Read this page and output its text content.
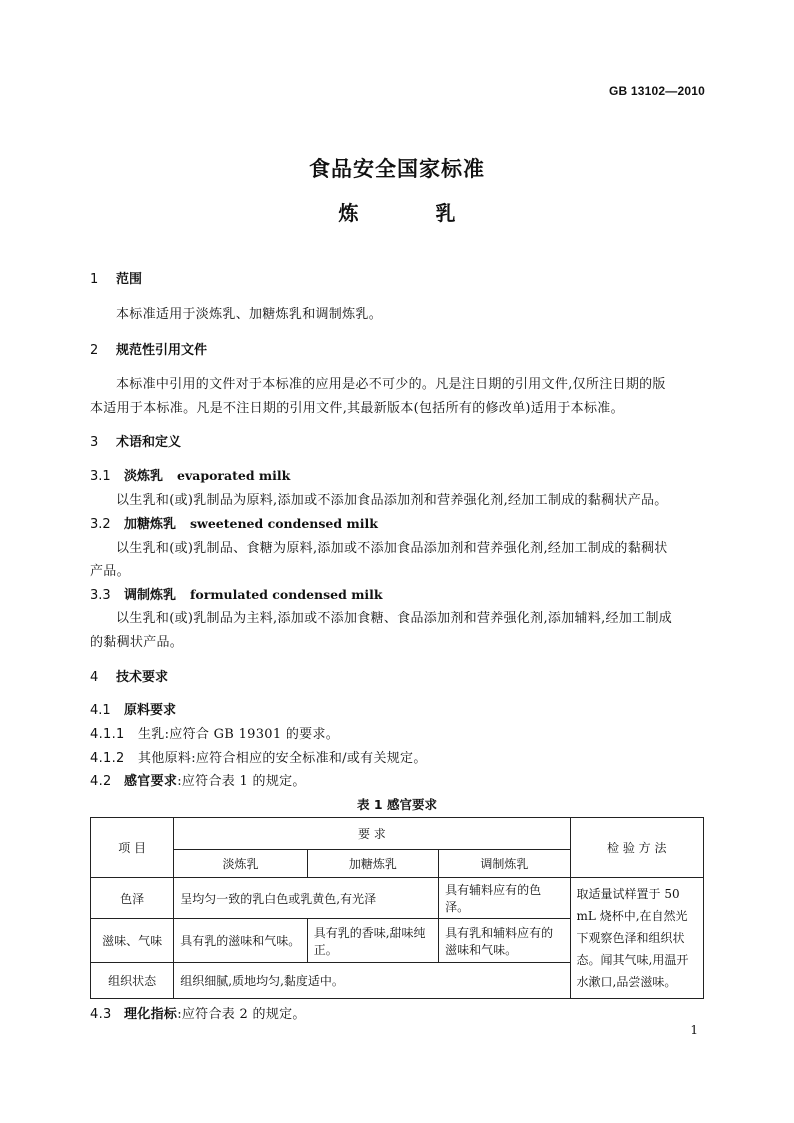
GB 13102—2010
食品安全国家标准
炼 乳
1 范围
本标准适用于淡炼乳、加糖炼乳和调制炼乳。
2 规范性引用文件
本标准中引用的文件对于本标准的应用是必不可少的。凡是注日期的引用文件,仅所注日期的版
本适用于本标准。凡是不注日期的引用文件,其最新版本(包括所有的修改单)适用于本标准。
3 术语和定义
3.1 淡炼乳 evaporated milk
以生乳和(或)乳制品为原料,添加或不添加食品添加剂和营养强化剂,经加工制成的黏稠状产品。
3.2 加糖炼乳 sweetened condensed milk
以生乳和(或)乳制品、食糖为原料,添加或不添加食品添加剂和营养强化剂,经加工制成的黏稠状
产品。
3.3 调制炼乳 formulated condensed milk
以生乳和(或)乳制品为主料,添加或不添加食糖、食品添加剂和营养强化剂,添加辅料,经加工制成
的黏稠状产品。
4 技术要求
4.1 原料要求
4.1.1 生乳:应符合 GB 19301 的要求。
4.1.2 其他原料:应符合相应的安全标准和/或有关规定。
4.2 感官要求:应符合表 1 的规定。
表 1 感官要求
项 目	要 求			检 验 方 法
	淡炼乳	加糖炼乳	调制炼乳	
色泽	呈均匀一致的乳白色或乳黄色,有光泽		具有辅料应有的色泽。	取适量试样置于 50 mL 烧杯中,在自然光下观察色泽和组织状态。闻其气味,用温开水漱口,品尝滋味。
滋味、气味	具有乳的滋味和气味。	具有乳的香味,甜味纯正。	具有乳和辅料应有的滋味和气味。	
组织状态	组织细腻,质地均匀,黏度适中。			
4.3 理化指标:应符合表 2 的规定。
1
